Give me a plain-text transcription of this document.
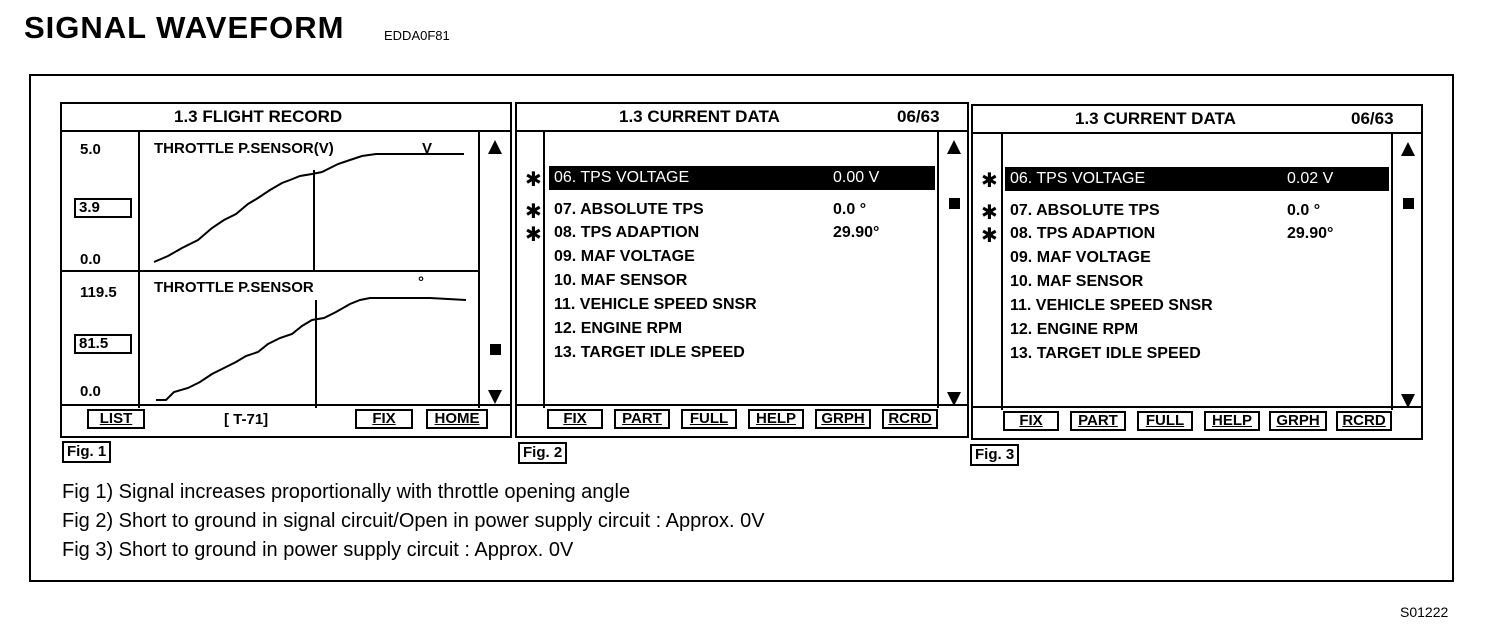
SIGNAL WAVEFORM	EDDA0F81
1.3 FLIGHT RECORD
5.0
3.9
0.0
THROTTLE P.SENSOR(V)	V
119.5
81.5
0.0
THROTTLE P.SENSOR	°
LIST	[ T-71]	FIX	HOME
Fig. 1
1.3 CURRENT DATA	06/63
✱
✱
✱
06. TPS VOLTAGE	0.00 V
07. ABSOLUTE TPS	0.0 °
08. TPS ADAPTION	29.90°
09. MAF VOLTAGE
10. MAF SENSOR
11. VEHICLE SPEED SNSR
12. ENGINE RPM
13. TARGET IDLE SPEED
FIX	PART	FULL	HELP	GRPH	RCRD
Fig. 2
1.3 CURRENT DATA	06/63
✱
✱
✱
06. TPS VOLTAGE	0.02 V
07. ABSOLUTE TPS	0.0 °
08. TPS ADAPTION	29.90°
09. MAF VOLTAGE
10. MAF SENSOR
11. VEHICLE SPEED SNSR
12. ENGINE RPM
13. TARGET IDLE SPEED
FIX	PART	FULL	HELP	GRPH	RCRD
Fig. 3
Fig 1) Signal increases proportionally with throttle opening angle
Fig 2) Short to ground in signal circuit/Open in power supply circuit : Approx. 0V
Fig 3) Short to ground in power supply circuit : Approx. 0V
S01222
